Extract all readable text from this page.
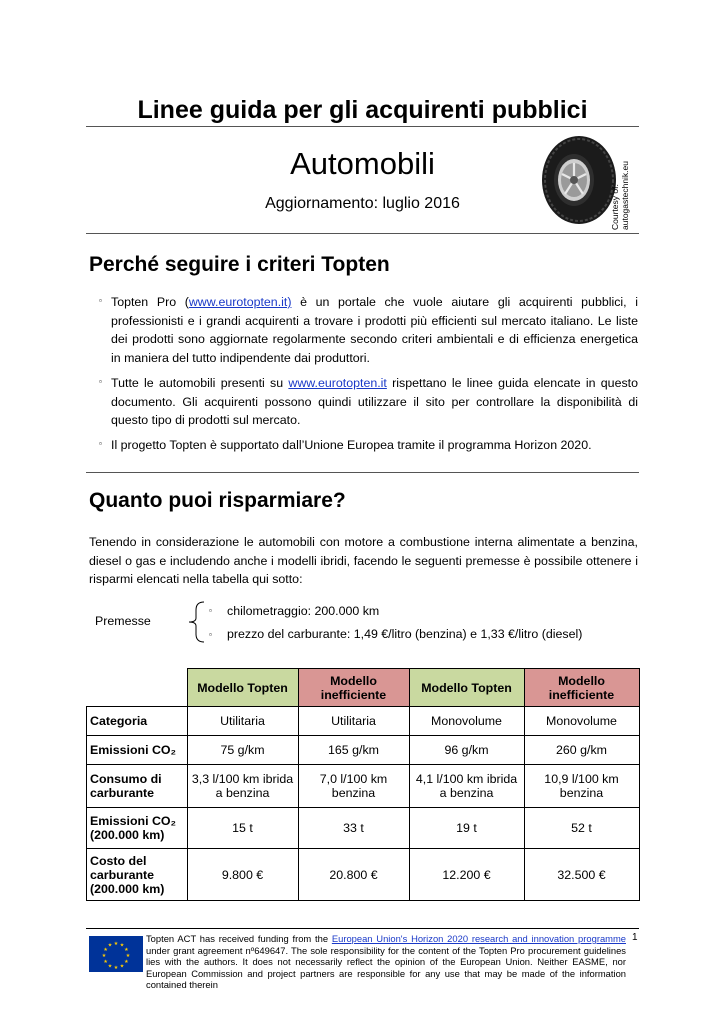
Linee guida per gli acquirenti pubblici
Automobili
Aggiornamento: luglio 2016	Courtesy of: autogastechnik.eu
Perché seguire i criteri Topten
▫ Topten Pro (www.eurotopten.it) è un portale che vuole aiutare gli acquirenti pubblici, i professionisti e i grandi acquirenti a trovare i prodotti più efficienti sul mercato italiano. Le liste dei prodotti sono aggiornate regolarmente secondo criteri ambientali e di efficienza energetica in maniera del tutto indipendente dai produttori.
▫ Tutte le automobili presenti su www.eurotopten.it rispettano le linee guida elencate in questo documento. Gli acquirenti possono quindi utilizzare il sito per controllare la disponibilità di questo tipo di prodotti sul mercato.
▫ Il progetto Topten è supportato dall’Unione Europea tramite il programma Horizon 2020.
Quanto puoi risparmiare?
Tenendo in considerazione le automobili con motore a combustione interna alimentate a benzina, diesel o gas e includendo anche i modelli ibridi, facendo le seguenti premesse è possibile ottenere i risparmi elencati nella tabella qui sotto:
Premesse
▫ chilometraggio: 200.000 km
▫ prezzo del carburante: 1,49 €/litro (benzina) e 1,33 €/litro (diesel)
	Modello Topten	Modello inefficiente	Modello Topten	Modello inefficiente
Categoria	Utilitaria	Utilitaria	Monovolume	Monovolume
Emissioni CO₂	75 g/km	165 g/km	96 g/km	260 g/km
Consumo di carburante	3,3 l/100 km ibrida a benzina	7,0 l/100 km benzina	4,1 l/100 km ibrida a benzina	10,9 l/100 km benzina
Emissioni CO₂ (200.000 km)	15 t	33 t	19 t	52 t
Costo del carburante (200.000 km)	9.800 €	20.800 €	12.200 €	32.500 €
★ ★
★
★
★
★
★
★
★
★
★
★
Topten ACT has received funding from the European Union's Horizon 2020 research and innovation programme under grant agreement nº649647. The sole responsibility for the content of the Topten Pro procurement guidelines lies with the authors. It does not necessarily reflect the opinion of the European Union. Neither EASME, nor European Commission and project partners are responsible for any use that may be made of the information contained therein
1
